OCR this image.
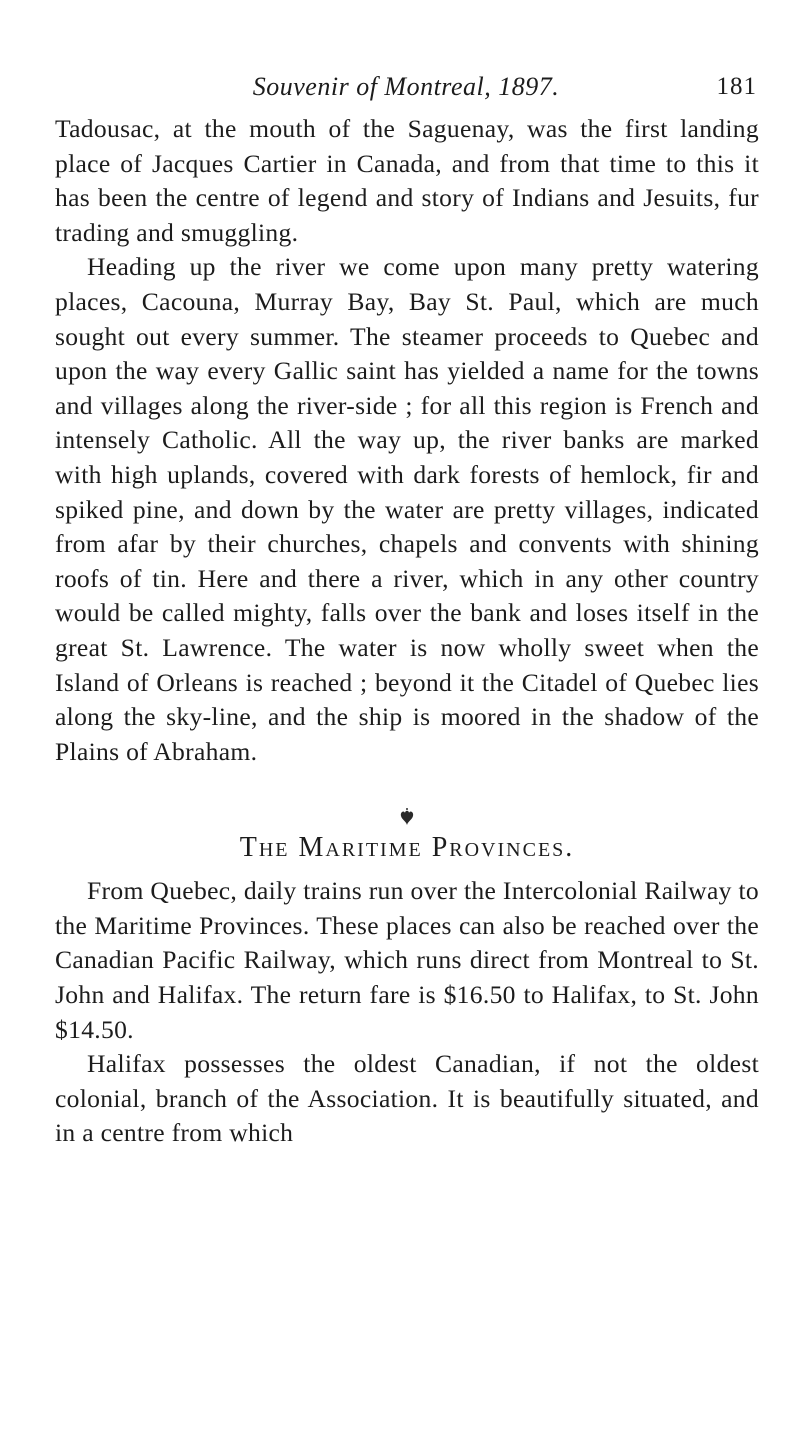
Souvenir of Montreal, 1897.	181

Tadousac, at the mouth of the Saguenay, was the first landing place of Jacques Cartier in Canada, and from that time to this it has been the centre of legend and story of Indians and Jesuits, fur trading and smuggling.

Heading up the river we come upon many pretty watering places, Cacouna, Murray Bay, Bay St. Paul, which are much sought out every summer. The steamer proceeds to Quebec and upon the way every Gallic saint has yielded a name for the towns and villages along the river-side ; for all this region is French and intensely Catholic. All the way up, the river banks are marked with high uplands, covered with dark forests of hemlock, fir and spiked pine, and down by the water are pretty villages, indicated from afar by their churches, chapels and convents with shining roofs of tin. Here and there a river, which in any other country would be called mighty, falls over the bank and loses itself in the great St. Lawrence. The water is now wholly sweet when the Island of Orleans is reached ; beyond it the Citadel of Quebec lies along the sky-line, and the ship is moored in the shadow of the Plains of Abraham.

The Maritime Provinces.

From Quebec, daily trains run over the Intercolonial Railway to the Maritime Provinces. These places can also be reached over the Canadian Pacific Railway, which runs direct from Montreal to St. John and Halifax. The return fare is $16.50 to Halifax, to St. John $14.50.

Halifax possesses the oldest Canadian, if not the oldest colonial, branch of the Association. It is beautifully situated, and in a centre from which
